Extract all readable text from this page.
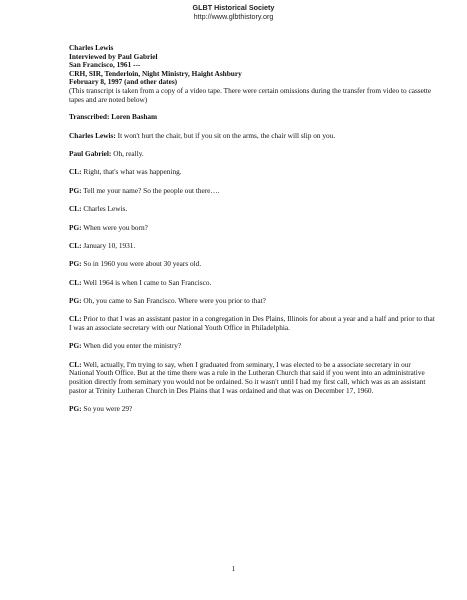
GLBT Historical Society
http://www.glbthistory.org
Charles Lewis
Interviewed by Paul Gabriel
San Francisco, 1961 ---
CRH, SIR, Tenderloin, Night Ministry, Haight Ashbury
February 8, 1997 (and other dates)
(This transcript is taken from a copy of a video tape. There were certain omissions during the transfer from video to cassette tapes and are noted below)
Transcribed: Loren Basham
Charles Lewis: It won't hurt the chair, but if you sit on the arms, the chair will slip on you.
Paul Gabriel: Oh, really.
CL: Right, that's what was happening.
PG: Tell me your name? So the people out there….
CL: Charles Lewis.
PG: When were you born?
CL: January 10, 1931.
PG: So in 1960 you were about 30 years old.
CL: Well 1964 is when I came to San Francisco.
PG: Oh, you came to San Francisco. Where were you prior to that?
CL: Prior to that I was an assistant pastor in a congregation in Des Plains, Illinois for about a year and a half and prior to that I was an associate secretary with our National Youth Office in Philadelphia.
PG: When did you enter the ministry?
CL: Well, actually, I'm trying to say, when I graduated from seminary, I was elected to be a associate secretary in our National Youth Office. But at the time there was a rule in the Lutheran Church that said if you went into an administrative position directly from seminary you would not be ordained. So it wasn't until I had my first call, which was as an assistant pastor at Trinity Lutheran Church in Des Plains that I was ordained and that was on December 17, 1960.
PG: So you were 29?
1
